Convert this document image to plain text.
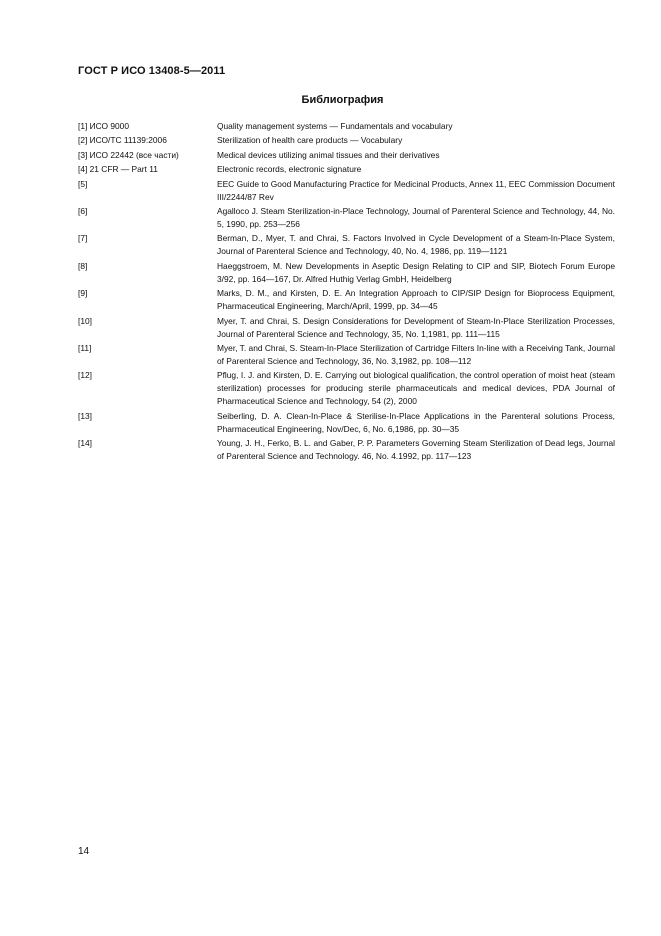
ГОСТ Р ИСО 13408-5—2011
Библиография
[1] ИСО 9000	Quality management systems — Fundamentals and vocabulary
[2] ИСО/ТС 11139:2006	Sterilization of health care products — Vocabulary
[3] ИСО 22442 (все части)	Medical devices utilizing animal tissues and their derivatives
[4] 21 CFR — Part 11	Electronic records, electronic signature
[5]	EEC Guide to Good Manufacturing Practice for Medicinal Products, Annex 11, EEC Commission Document III/2244/87 Rev
[6]	Agalloco J. Steam Sterilization-in-Place Technology, Journal of Parenteral Science and Technology, 44, No. 5, 1990, pp. 253—256
[7]	Berman, D., Myer, T. and Chrai, S. Factors Involved in Cycle Development of a Steam-In-Place System, Journal of Parenteral Science and Technology, 40, No. 4, 1986, pp. 119—1121
[8]	Haeggstroem, M. New Developments in Aseptic Design Relating to CIP and SIP, Biotech Forum Europe 3/92, pp. 164—167, Dr. Alfred Huthig Verlag GmbH, Heidelberg
[9]	Marks, D. M., and Kirsten, D. E. An Integration Approach to CIP/SIP Design for Bioprocess Equipment, Pharmaceutical Engineering, March/April, 1999, pp. 34—45
[10]	Myer, T. and Chrai, S. Design Considerations for Development of Steam-In-Place Sterilization Processes, Journal of Parenteral Science and Technology, 35, No. 1,1981, pp. 111—115
[11]	Myer, T. and Chrai, S. Steam-In-Place Sterilization of Cartridge Filters In-line with a Receiving Tank, Journal of Parenteral Science and Technology, 36, No. 3,1982, pp. 108—112
[12]	Pflug, I. J. and Kirsten, D. E. Carrying out biological qualification, the control operation of moist heat (steam sterilization) processes for producing sterile pharmaceuticals and medical devices, PDA Journal of Pharmaceutical Science and Technology, 54 (2), 2000
[13]	Seiberling, D. A. Clean-In-Place & Sterilise-In-Place Applications in the Parenteral solutions Process, Pharmaceutical Engineering, Nov/Dec, 6, No. 6,1986, pp. 30—35
[14]	Young, J. H., Ferko, B. L. and Gaber, P. P. Parameters Governing Steam Sterilization of Dead legs, Journal of Parenteral Science and Technology. 46, No. 4.1992, pp. 117—123
14
